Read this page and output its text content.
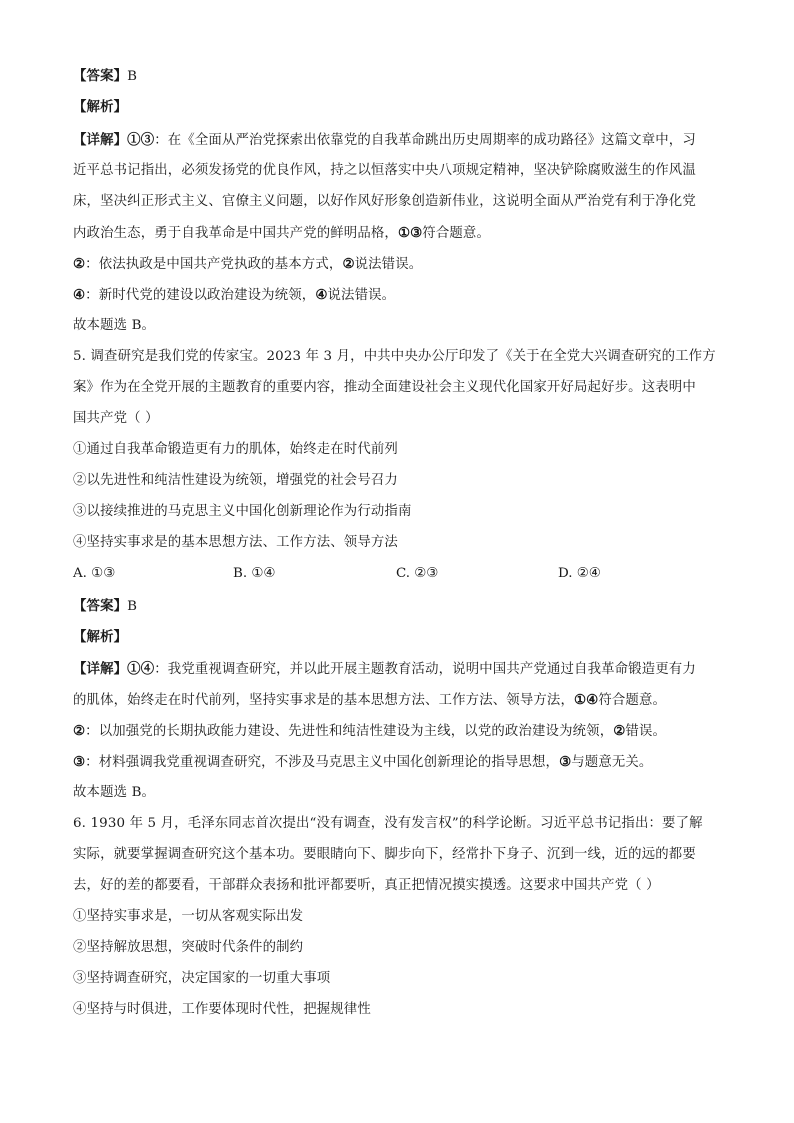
【答案】B
【解析】
【详解】①③：在《全面从严治党探索出依靠党的自我革命跳出历史周期率的成功路径》这篇文章中，习
近平总书记指出，必须发扬党的优良作风，持之以恒落实中央八项规定精神，坚决铲除腐败滋生的作风温
床，坚决纠正形式主义、官僚主义问题，以好作风好形象创造新伟业，这说明全面从严治党有利于净化党
内政治生态，勇于自我革命是中国共产党的鲜明品格，①③符合题意。
②：依法执政是中国共产党执政的基本方式，②说法错误。
④：新时代党的建设以政治建设为统领，④说法错误。
故本题选 B。
5. 调查研究是我们党的传家宝。2023 年 3 月，中共中央办公厅印发了《关于在全党大兴调查研究的工作方
案》作为在全党开展的主题教育的重要内容，推动全面建设社会主义现代化国家开好局起好步。这表明中
国共产党（ ）
①通过自我革命锻造更有力的肌体，始终走在时代前列
②以先进性和纯洁性建设为统领，增强党的社会号召力
③以接续推进的马克思主义中国化创新理论作为行动指南
④坚持实事求是的基本思想方法、工作方法、领导方法
A. ①③	B. ①④	C. ②③	D. ②④
【答案】B
【解析】
【详解】①④：我党重视调查研究，并以此开展主题教育活动，说明中国共产党通过自我革命锻造更有力
的肌体，始终走在时代前列，坚持实事求是的基本思想方法、工作方法、领导方法，①④符合题意。
②：以加强党的长期执政能力建设、先进性和纯洁性建设为主线，以党的政治建设为统领，②错误。
③：材料强调我党重视调查研究，不涉及马克思主义中国化创新理论的指导思想，③与题意无关。
故本题选 B。
6. 1930 年 5 月，毛泽东同志首次提出“没有调查，没有发言权”的科学论断。习近平总书记指出：要了解
实际，就要掌握调查研究这个基本功。要眼睛向下、脚步向下，经常扑下身子、沉到一线，近的远的都要
去，好的差的都要看，干部群众表扬和批评都要听，真正把情况摸实摸透。这要求中国共产党（ ）
①坚持实事求是，一切从客观实际出发
②坚持解放思想，突破时代条件的制约
③坚持调查研究，决定国家的一切重大事项
④坚持与时俱进，工作要体现时代性，把握规律性
